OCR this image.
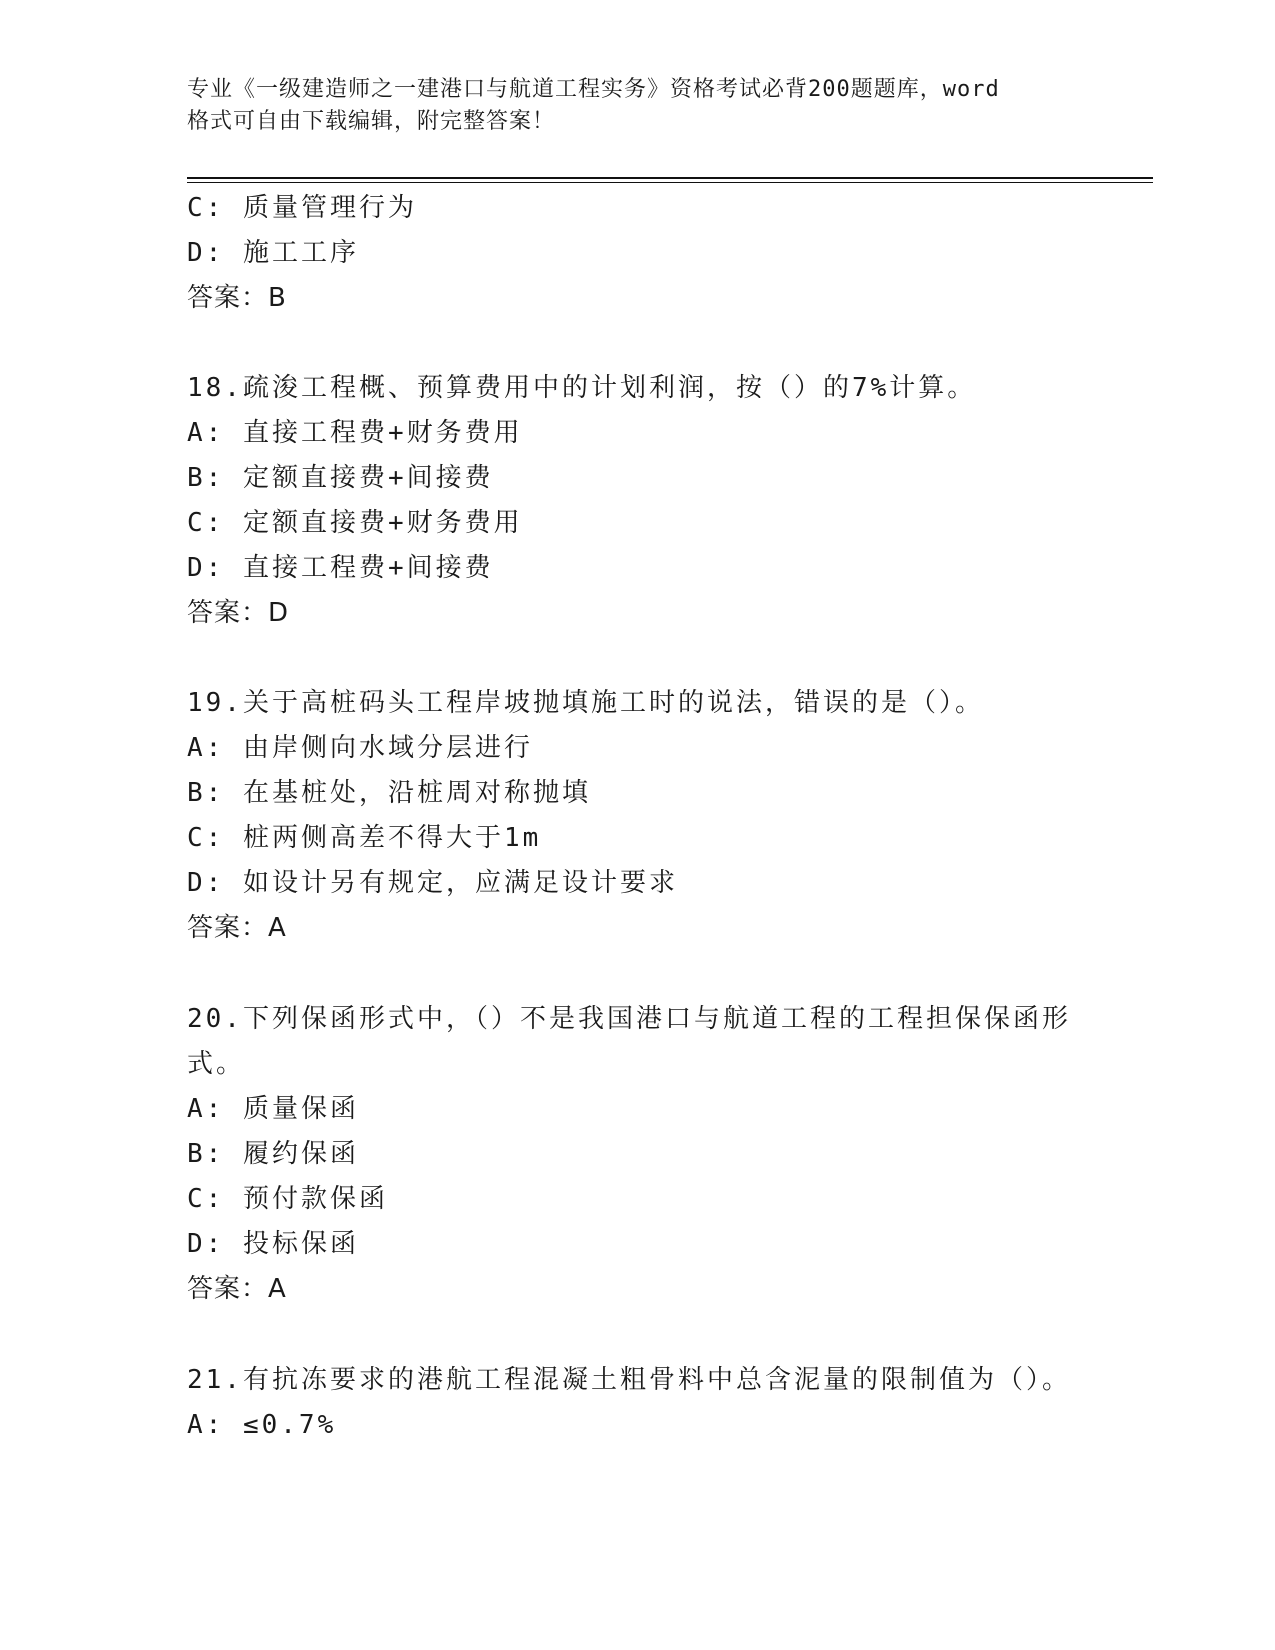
专业《一级建造师之一建港口与航道工程实务》资格考试必背200题题库，word
格式可自由下载编辑，附完整答案！
C: 质量管理行为
D: 施工工序
答案：B
18.疏浚工程概、预算费用中的计划利润，按（）的7%计算。
A: 直接工程费+财务费用
B: 定额直接费+间接费
C: 定额直接费+财务费用
D: 直接工程费+间接费
答案：D
19.关于高桩码头工程岸坡抛填施工时的说法，错误的是（）。
A: 由岸侧向水域分层进行
B: 在基桩处，沿桩周对称抛填
C: 桩两侧高差不得大于1m
D: 如设计另有规定，应满足设计要求
答案：A
20.下列保函形式中，（）不是我国港口与航道工程的工程担保保函形
式。
A: 质量保函
B: 履约保函
C: 预付款保函
D: 投标保函
答案：A
21.有抗冻要求的港航工程混凝土粗骨料中总含泥量的限制值为（）。
A: ≤0.7%
